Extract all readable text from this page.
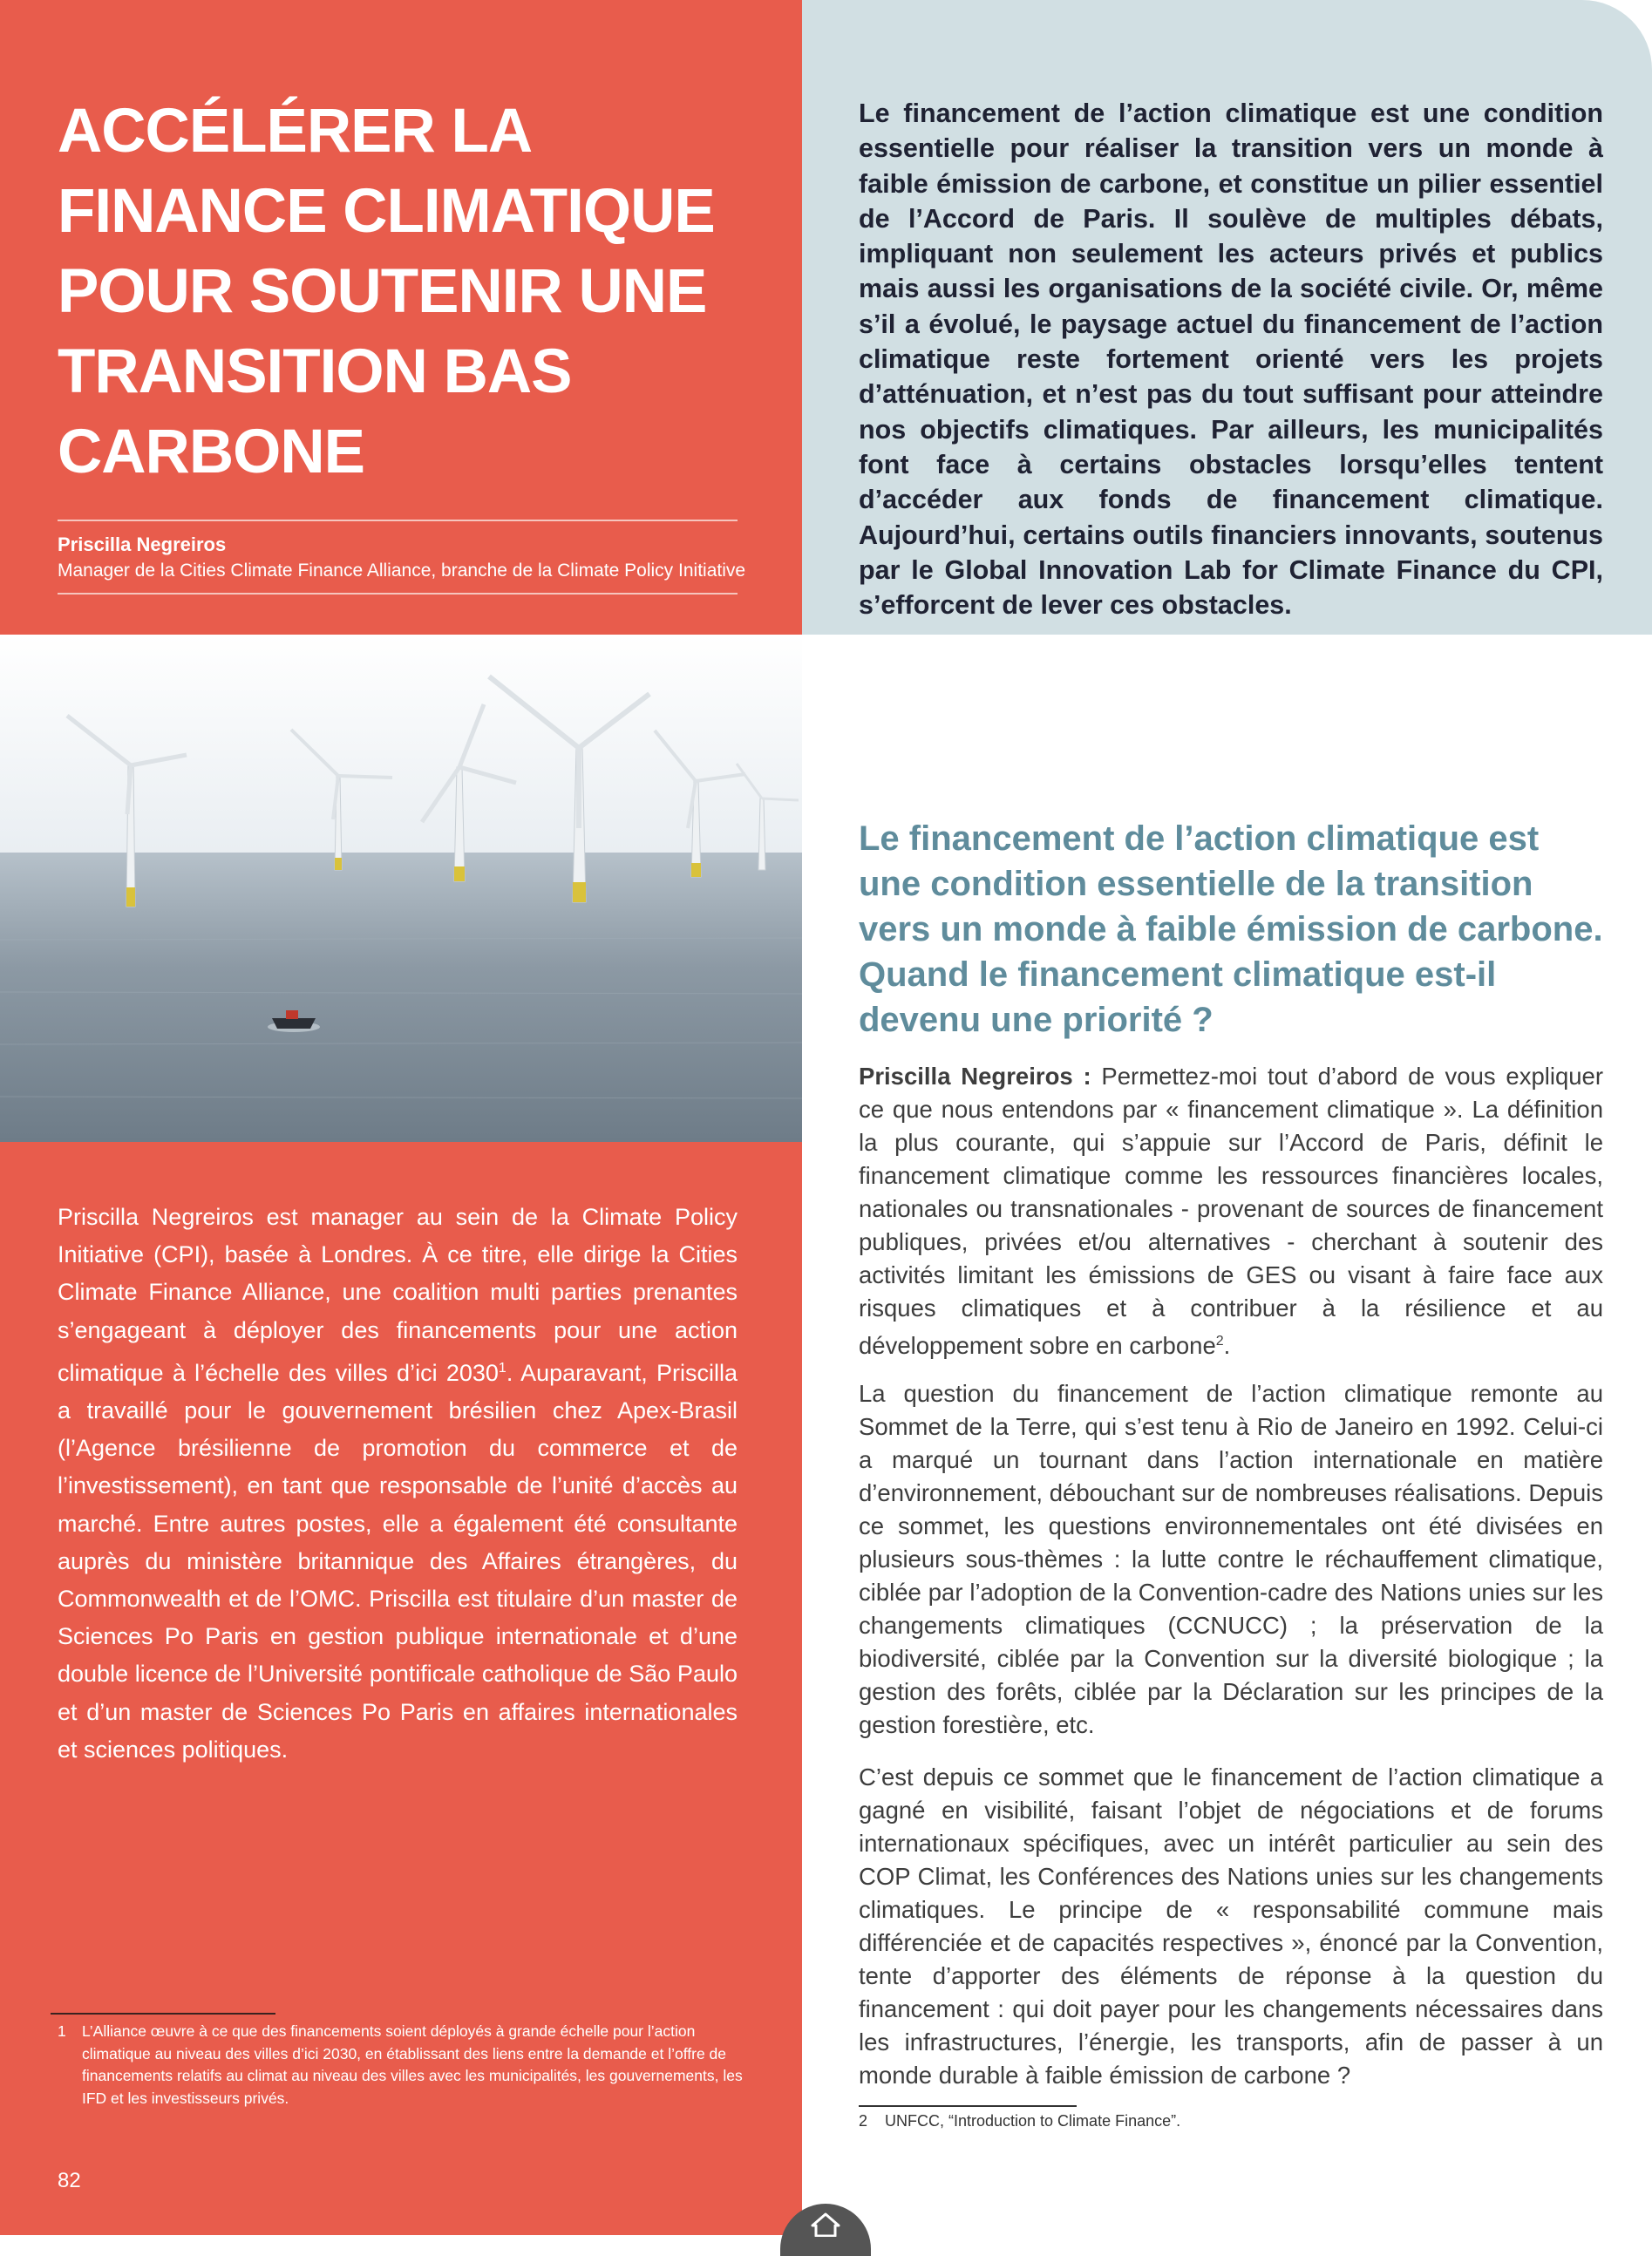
ACCÉLÉRER LA FINANCE CLIMATIQUE POUR SOUTENIR UNE TRANSITION BAS CARBONE
Priscilla Negreiros
Manager de la Cities Climate Finance Alliance, branche de la Climate Policy Initiative

Le financement de l’action climatique est une condition essentielle pour réaliser la transition vers un monde à faible émission de carbone, et constitue un pilier essentiel de l’Accord de Paris. Il soulève de multiples débats, impliquant non seulement les acteurs privés et publics mais aussi les organisations de la société civile. Or, même s’il a évolué, le paysage actuel du financement de l’action climatique reste fortement orienté vers les projets d’atténuation, et n’est pas du tout suffisant pour atteindre nos objectifs climatiques. Par ailleurs, les municipalités font face à certains obstacles lorsqu’elles tentent d’accéder aux fonds de financement climatique. Aujourd’hui, certains outils financiers innovants, soutenus par le Global Innovation Lab for Climate Finance du CPI, s’efforcent de lever ces obstacles.

Priscilla Negreiros est manager au sein de la Climate Policy Initiative (CPI), basée à Londres. À ce titre, elle dirige la Cities Climate Finance Alliance, une coalition multi parties prenantes s’engageant à déployer des financements pour une action climatique à l’échelle des villes d’ici 2030$^1$. Auparavant, Priscilla a travaillé pour le gouvernement brésilien chez Apex-Brasil (l’Agence brésilienne de promotion du commerce et de l’investissement), en tant que responsable de l’unité d’accès au marché. Entre autres postes, elle a également été consultante auprès du ministère britannique des Affaires étrangères, du Commonwealth et de l’OMC. Priscilla est titulaire d’un master de Sciences Po Paris en gestion publique internationale et d’une double licence de l’Université pontificale catholique de São Paulo et d’un master de Sciences Po Paris en affaires internationales et sciences politiques.

1 L’Alliance œuvre à ce que des financements soient déployés à grande échelle pour l’action climatique au niveau des villes d’ici 2030, en établissant des liens entre la demande et l’offre de financements relatifs au climat au niveau des villes avec les municipalités, les gouvernements, les IFD et les investisseurs privés.
82
Le financement de l’action climatique est une condition essentielle de la transition vers un monde à faible émission de carbone. Quand le financement climatique est-il devenu une priorité ?

Priscilla Negreiros : Permettez-moi tout d’abord de vous expliquer ce que nous entendons par « financement climatique ». La définition la plus courante, qui s’appuie sur l’Accord de Paris, définit le financement climatique comme les ressources financières locales, nationales ou transnationales - provenant de sources de financement publiques, privées et/ou alternatives - cherchant à soutenir des activités limitant les émissions de GES ou visant à faire face aux risques climatiques et à contribuer à la résilience et au développement sobre en carbone$^2$.

La question du financement de l’action climatique remonte au Sommet de la Terre, qui s’est tenu à Rio de Janeiro en 1992. Celui-ci a marqué un tournant dans l’action internationale en matière d’environnement, débouchant sur de nombreuses réalisations. Depuis ce sommet, les questions environnementales ont été divisées en plusieurs sous-thèmes : la lutte contre le réchauffement climatique, ciblée par l’adoption de la Convention-cadre des Nations unies sur les changements climatiques (CCNUCC) ; la préservation de la biodiversité, ciblée par la Convention sur la diversité biologique ; la gestion des forêts, ciblée par la Déclaration sur les principes de la gestion forestière, etc.

C’est depuis ce sommet que le financement de l’action climatique a gagné en visibilité, faisant l’objet de négociations et de forums internationaux spécifiques, avec un intérêt particulier au sein des COP Climat, les Conférences des Nations unies sur les changements climatiques. Le principe de « responsabilité commune mais différenciée et de capacités respectives », énoncé par la Convention, tente d’apporter des éléments de réponse à la question du financement : qui doit payer pour les changements nécessaires dans les infrastructures, l’énergie, les transports, afin de passer à un monde durable à faible émission de carbone ?

2 UNFCC, “Introduction to Climate Finance”.
